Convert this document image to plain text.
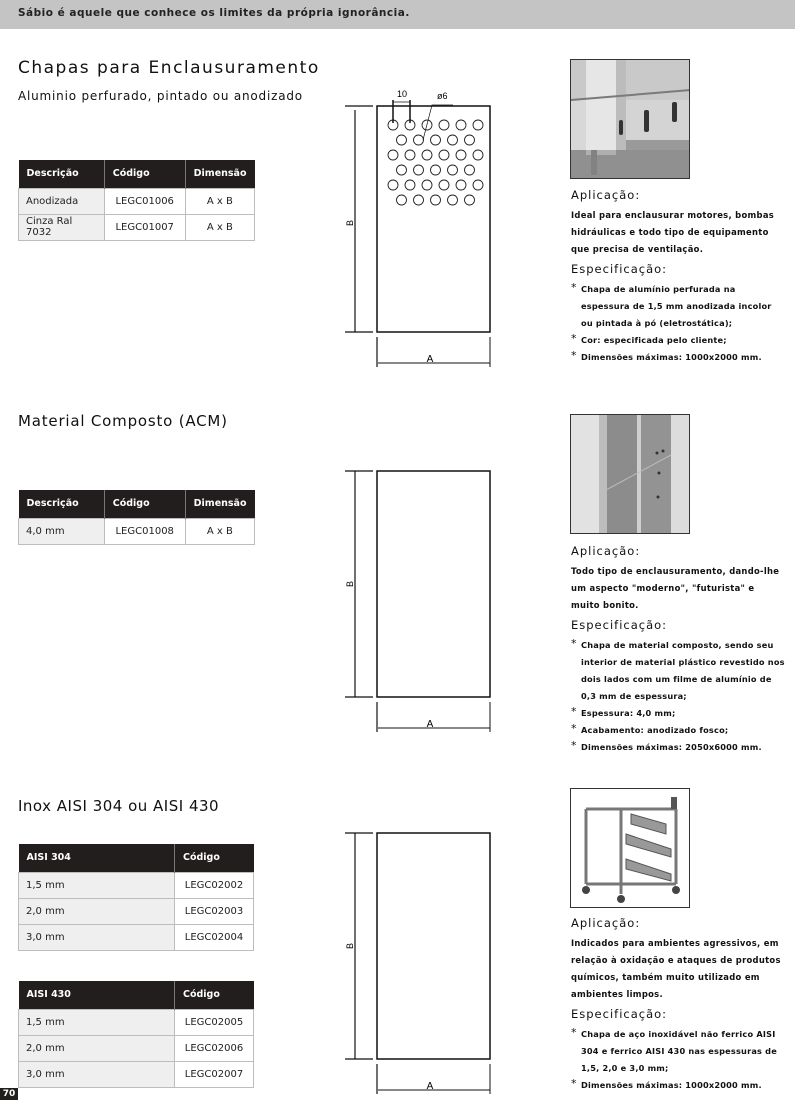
Sábio é aquele que conhece os limites da própria ignorância.
Chapas para Enclausuramento
Aluminio perfurado, pintado ou anodizado
Descrição	Código	Dimensão
Anodizada	LEGC01006	A x B
Cinza Ral 7032	LEGC01007	A x B	B
A
10	ø6
Aplicação:
Ideal para enclausurar motores, bombas hidráulicas e todo tipo de equipamento que precisa de ventilação.
Especificação:
* Chapa de alumínio perfurada na espessura de 1,5 mm anodizada incolor ou pintada à pó (eletrostática);
* Cor: especificada pelo cliente;
* Dimensões máximas: 1000x2000 mm.
Material Composto (ACM)
Descrição	Código	Dimensão
4,0 mm	LEGC01008	A x B
B
A
Aplicação:
Todo tipo de enclausuramento, dando-lhe um aspecto "moderno", "futurista" e muito bonito.
Especificação:
* Chapa de material composto, sendo seu interior de material plástico revestido nos dois lados com um filme de alumínio de 0,3 mm de espessura;
* Espessura: 4,0 mm;
* Acabamento: anodizado fosco;
* Dimensões máximas: 2050x6000 mm.
Inox AISI 304 ou AISI 430
AISI 304	Código
1,5 mm	LEGC02002
2,0 mm	LEGC02003
3,0 mm	LEGC02004
AISI 430	Código
1,5 mm	LEGC02005
2,0 mm	LEGC02006
3,0 mm	LEGC02007
B
A
Aplicação:
Indicados para ambientes agressivos, em relação à oxidação e ataques de produtos químicos, também muito utilizado em ambientes limpos.
Especificação:
* Chapa de aço inoxidável não ferrico AISI 304 e ferrico AISI 430 nas espessuras de 1,5, 2,0 e 3,0 mm;
* Dimensões máximas: 1000x2000 mm.
70
